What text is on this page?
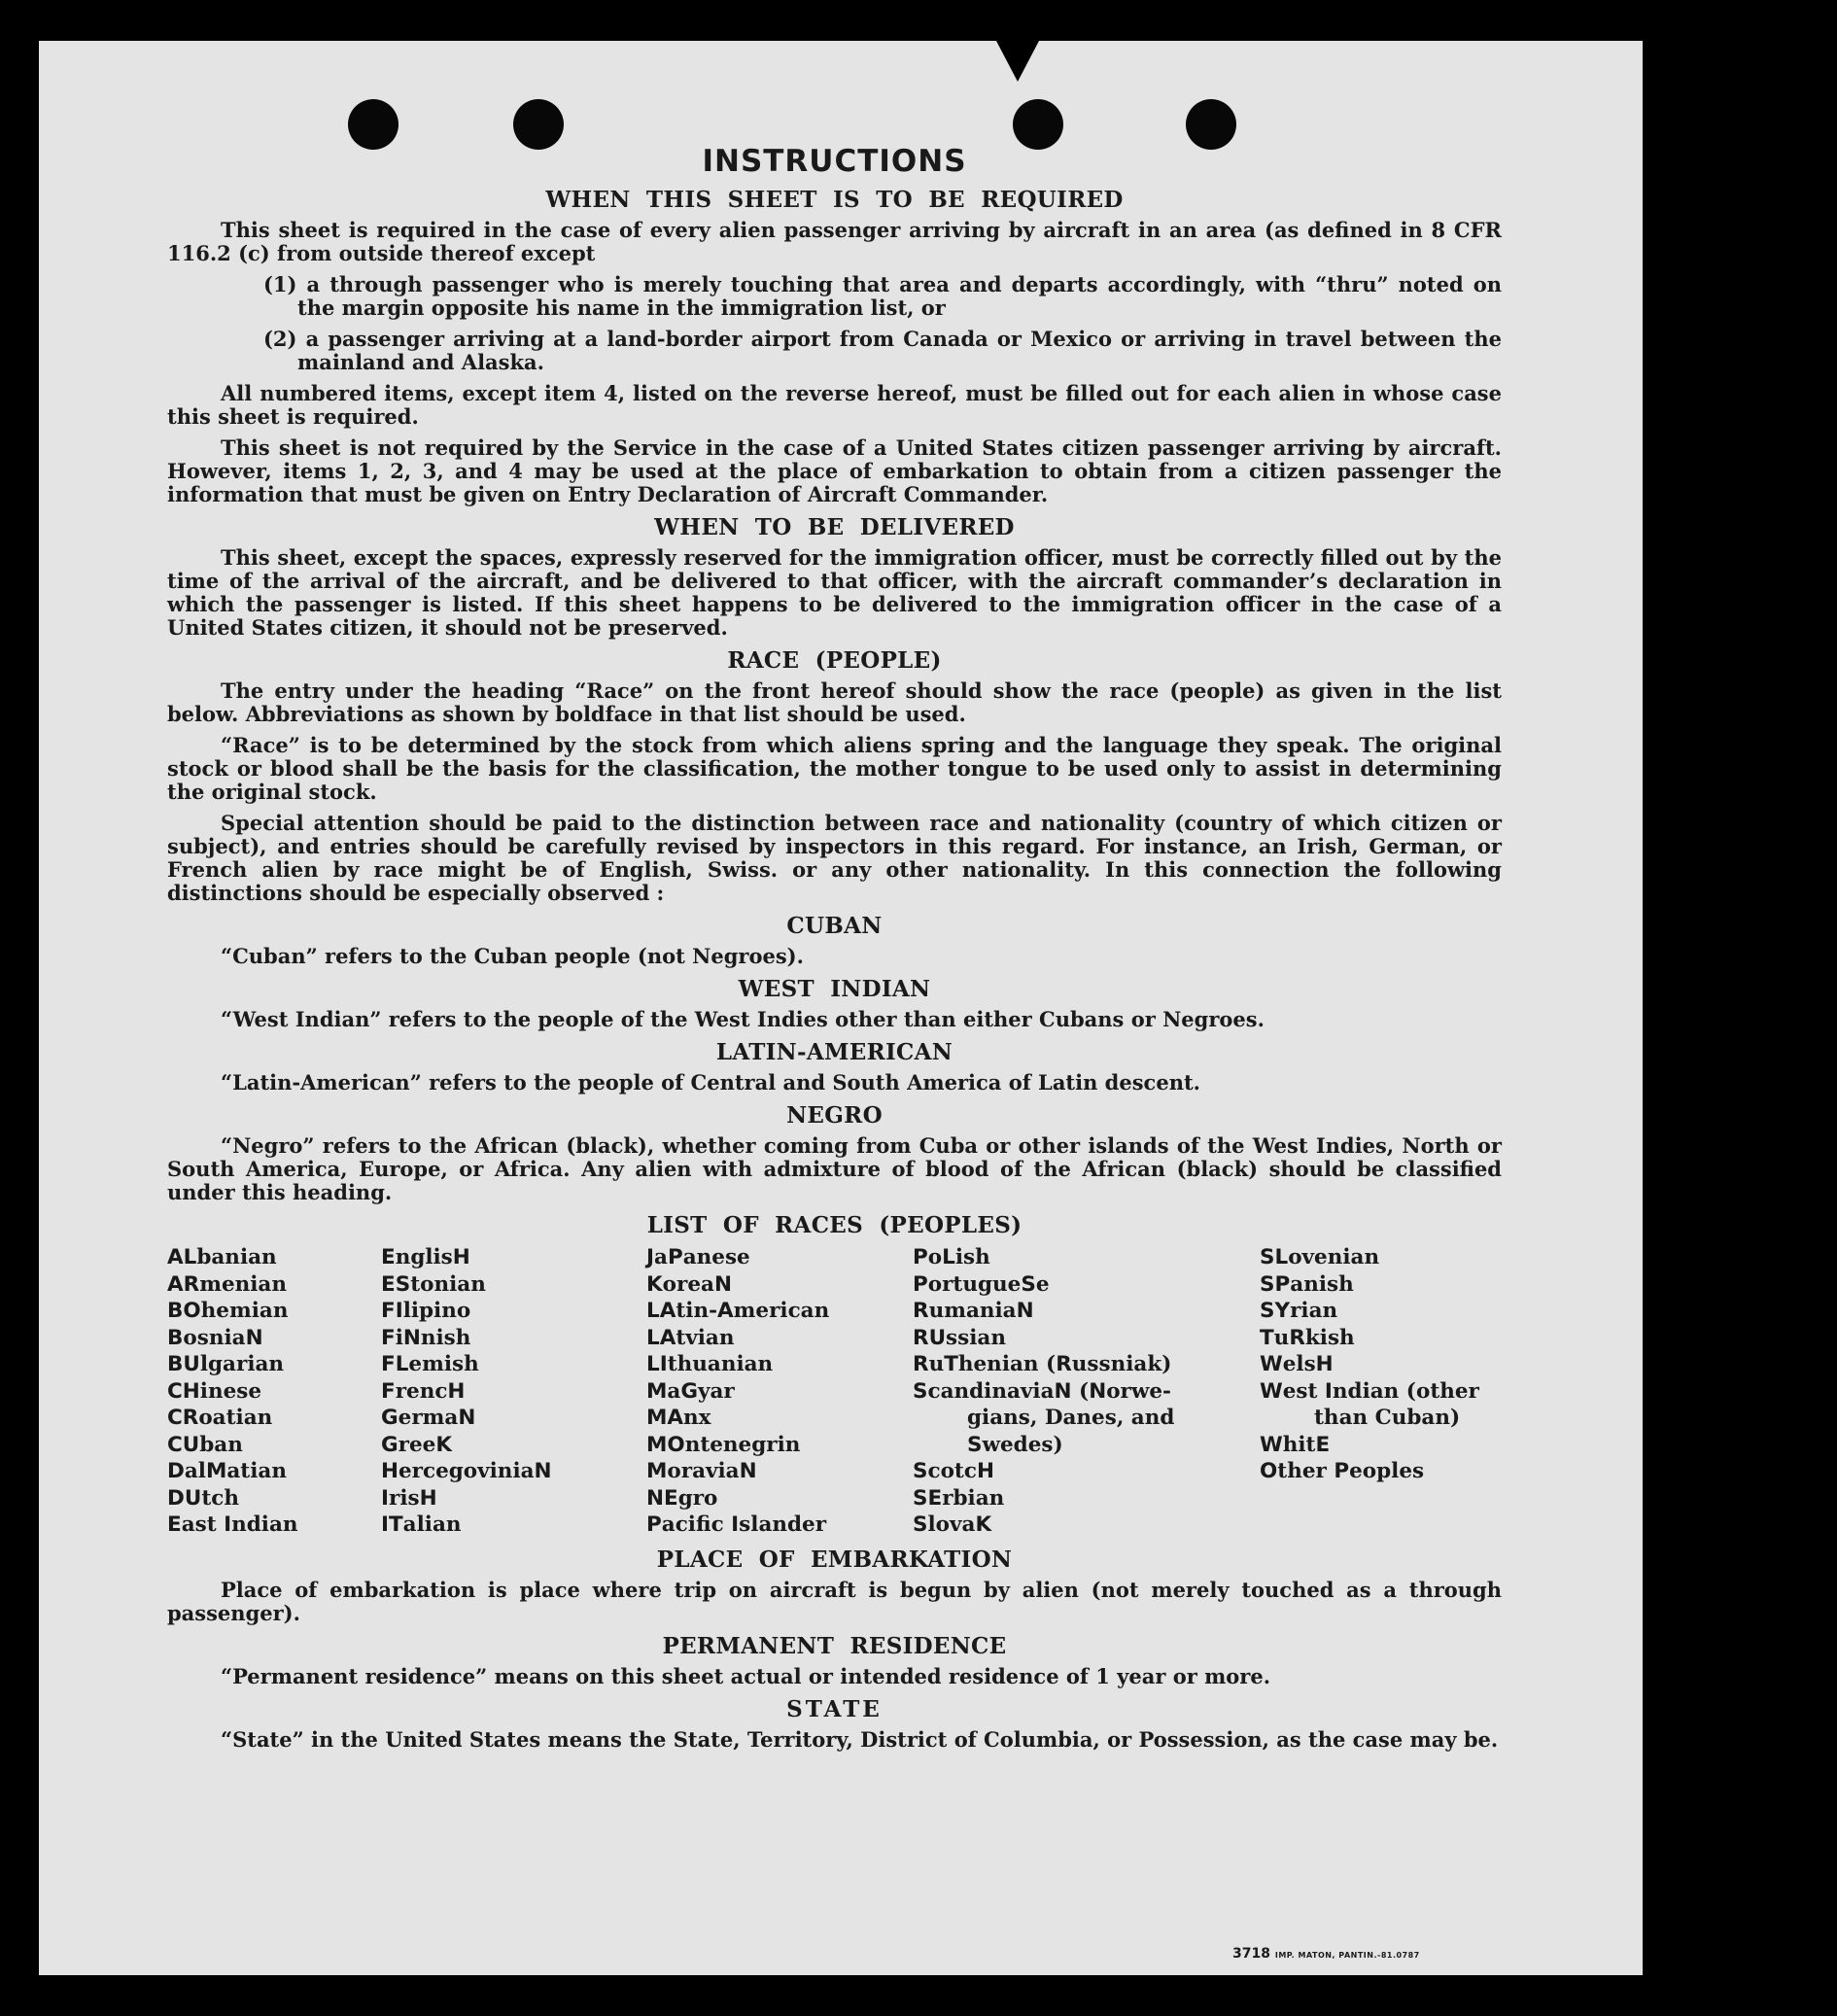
INSTRUCTIONS
WHEN THIS SHEET IS TO BE REQUIRED

This sheet is required in the case of every alien passenger arriving by aircraft in an area (as defined in 8 CFR 116.2 (c) from outside thereof except

(1) a through passenger who is merely touching that area and departs accordingly, with “thru” noted on the margin opposite his name in the immigration list, or

(2) a passenger arriving at a land-border airport from Canada or Mexico or arriving in travel between the mainland and Alaska.

All numbered items, except item 4, listed on the reverse hereof, must be filled out for each alien in whose case this sheet is required.

This sheet is not required by the Service in the case of a United States citizen passenger arriving by aircraft. However, items 1, 2, 3, and 4 may be used at the place of embarkation to obtain from a citizen passenger the information that must be given on Entry Declaration of Aircraft Commander.

WHEN TO BE DELIVERED

This sheet, except the spaces, expressly reserved for the immigration officer, must be correctly filled out by the time of the arrival of the aircraft, and be delivered to that officer, with the aircraft commander’s declaration in which the passenger is listed. If this sheet happens to be delivered to the immigration officer in the case of a United States citizen, it should not be preserved.

RACE (PEOPLE)

The entry under the heading “Race” on the front hereof should show the race (people) as given in the list below. Abbreviations as shown by boldface in that list should be used.

“Race” is to be determined by the stock from which aliens spring and the language they speak. The original stock or blood shall be the basis for the classification, the mother tongue to be used only to assist in determining the original stock.

Special attention should be paid to the distinction between race and nationality (country of which citizen or subject), and entries should be carefully revised by inspectors in this regard. For instance, an Irish, German, or French alien by race might be of English, Swiss. or any other nationality. In this connection the following distinctions should be especially observed :

CUBAN

“Cuban” refers to the Cuban people (not Negroes).

WEST INDIAN

“West Indian” refers to the people of the West Indies other than either Cubans or Negroes.

LATIN-AMERICAN

“Latin-American” refers to the people of Central and South America of Latin descent.

NEGRO

“Negro” refers to the African (black), whether coming from Cuba or other islands of the West Indies, North or South America, Europe, or Africa. Any alien with admixture of blood of the African (black) should be classified under this heading.

LIST OF RACES (PEOPLES)
ALbanian
ARmenian
BOhemian
BosniaN
BUlgarian
CHinese
CRoatian
CUban
DalMatian
DUtch
East Indian
EnglisH
EStonian
FIlipino
FiNnish
FLemish
FrencH
GermaN
GreeK
HercegoviniaN
IrisH
ITalian
JaPanese
KoreaN
LAtin-American
LAtvian
LIthuanian
MaGyar
MAnx
MOntenegrin
MoraviaN
NEgro
Pacific Islander
PoLish
PortugueSe
RumaniaN
RUssian
RuThenian (Russniak)
ScandinaviaN (Norwe-
gians, Danes, and
Swedes)
ScotcH
SErbian
SlovaK
SLovenian
SPanish
SYrian
TuRkish
WelsH
West Indian (other
than Cuban)
WhitE
Other Peoples
PLACE OF EMBARKATION

Place of embarkation is place where trip on aircraft is begun by alien (not merely touched as a through passenger).

PERMANENT RESIDENCE

“Permanent residence” means on this sheet actual or intended residence of 1 year or more.

STATE

“State” in the United States means the State, Territory, District of Columbia, or Possession, as the case may be.

3718 IMP. MATON, PANTIN.-81.0787
